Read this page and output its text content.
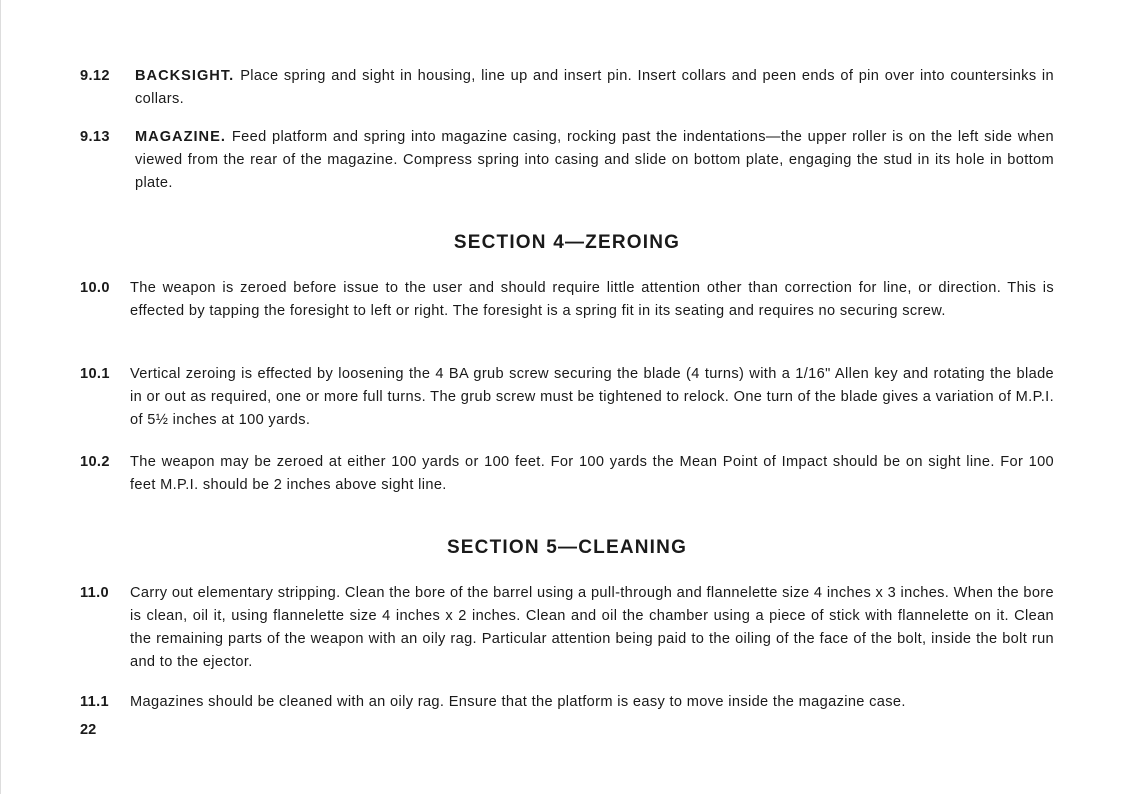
9.12 BACKSIGHT. Place spring and sight in housing, line up and insert pin. Insert collars and peen ends of pin over into countersinks in collars.
9.13 MAGAZINE. Feed platform and spring into magazine casing, rocking past the indentations—the upper roller is on the left side when viewed from the rear of the magazine. Compress spring into casing and slide on bottom plate, engaging the stud in its hole in bottom plate.
SECTION 4—ZEROING
10.0 The weapon is zeroed before issue to the user and should require little attention other than correction for line, or direction. This is effected by tapping the foresight to left or right. The foresight is a spring fit in its seating and requires no securing screw.
10.1 Vertical zeroing is effected by loosening the 4 BA grub screw securing the blade (4 turns) with a 1/16" Allen key and rotating the blade in or out as required, one or more full turns. The grub screw must be tightened to relock. One turn of the blade gives a variation of M.P.I. of 5½ inches at 100 yards.
10.2 The weapon may be zeroed at either 100 yards or 100 feet. For 100 yards the Mean Point of Impact should be on sight line. For 100 feet M.P.I. should be 2 inches above sight line.
SECTION 5—CLEANING
11.0 Carry out elementary stripping. Clean the bore of the barrel using a pull-through and flannelette size 4 inches x 3 inches. When the bore is clean, oil it, using flannelette size 4 inches x 2 inches. Clean and oil the chamber using a piece of stick with flannelette on it. Clean the remaining parts of the weapon with an oily rag. Particular attention being paid to the oiling of the face of the bolt, inside the bolt run and to the ejector.
11.1 Magazines should be cleaned with an oily rag. Ensure that the platform is easy to move inside the magazine case.
22
